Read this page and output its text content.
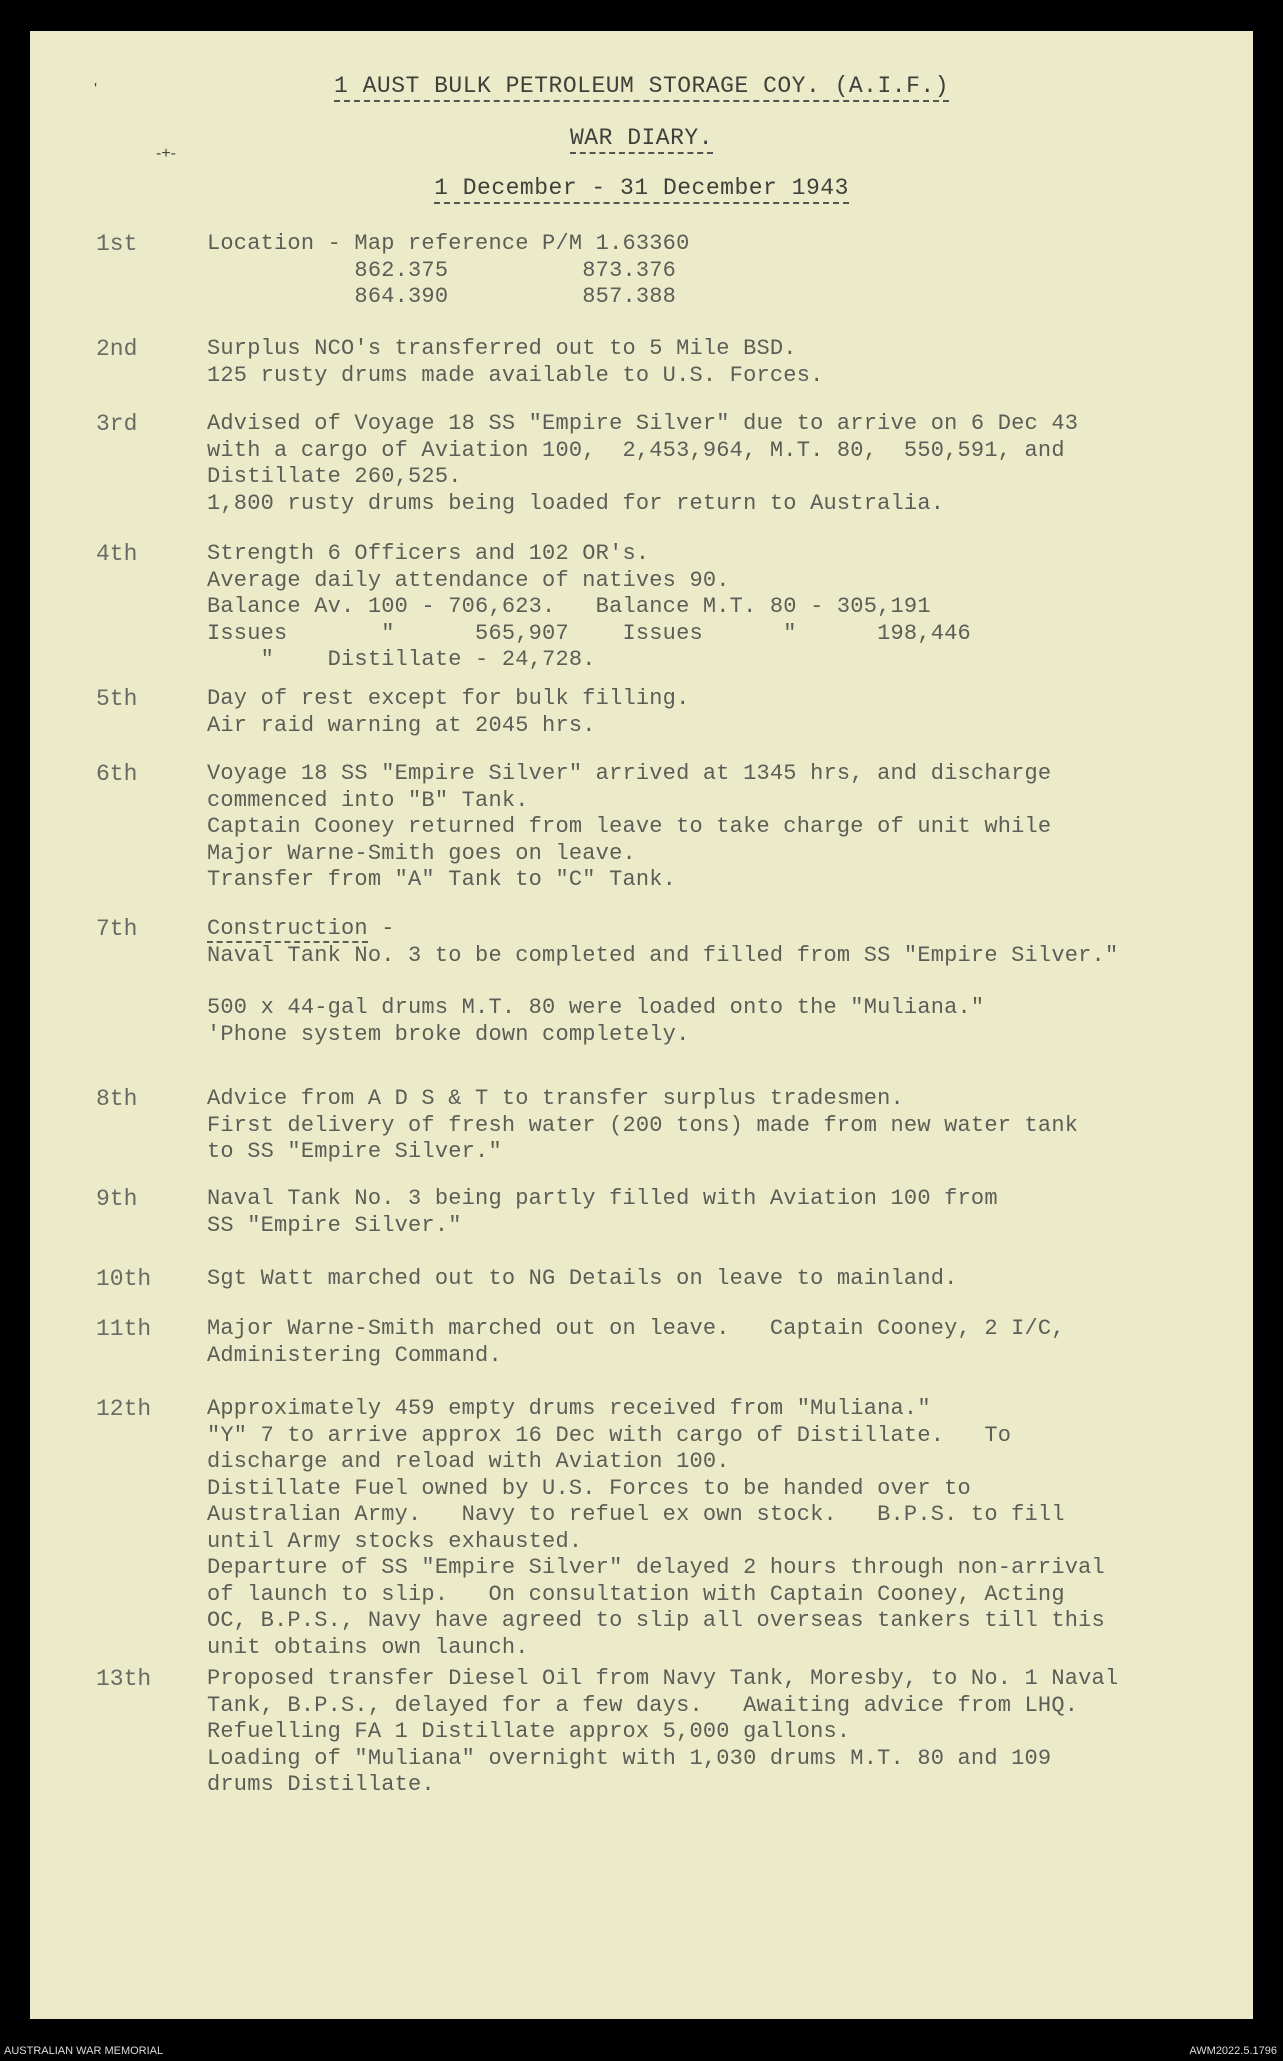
1 AUST BULK PETROLEUM STORAGE COY. (A.I.F.)
WAR DIARY.
1 December - 31 December 1943
'
-+-
1st	Location - Map reference P/M 1.63360
862.375          873.376
864.390          857.388
2nd	Surplus NCO's transferred out to 5 Mile BSD.
125 rusty drums made available to U.S. Forces.
3rd	Advised of Voyage 18 SS "Empire Silver" due to arrive on 6 Dec 43
with a cargo of Aviation 100,  2,453,964, M.T. 80,  550,591, and
Distillate 260,525.
1,800 rusty drums being loaded for return to Australia.
4th	Strength 6 Officers and 102 OR's.
Average daily attendance of natives 90.
Balance Av. 100 - 706,623.   Balance M.T. 80 - 305,191
Issues       "      565,907    Issues      "      198,446
"    Distillate - 24,728.
5th	Day of rest except for bulk filling.
Air raid warning at 2045 hrs.
6th	Voyage 18 SS "Empire Silver" arrived at 1345 hrs, and discharge
commenced into "B" Tank.
Captain Cooney returned from leave to take charge of unit while
Major Warne-Smith goes on leave.
Transfer from "A" Tank to "C" Tank.
7th	Construction -
Naval Tank No. 3 to be completed and filled from SS "Empire Silver."
500 x 44-gal drums M.T. 80 were loaded onto the "Muliana."
'Phone system broke down completely.
8th	Advice from A D S & T to transfer surplus tradesmen.
First delivery of fresh water (200 tons) made from new water tank
to SS "Empire Silver."
9th	Naval Tank No. 3 being partly filled with Aviation 100 from
SS "Empire Silver."
10th	Sgt Watt marched out to NG Details on leave to mainland.
11th	Major Warne-Smith marched out on leave.   Captain Cooney, 2 I/C,
Administering Command.
12th	Approximately 459 empty drums received from "Muliana."
"Y" 7 to arrive approx 16 Dec with cargo of Distillate.   To
discharge and reload with Aviation 100.
Distillate Fuel owned by U.S. Forces to be handed over to
Australian Army.   Navy to refuel ex own stock.   B.P.S. to fill
until Army stocks exhausted.
Departure of SS "Empire Silver" delayed 2 hours through non-arrival
of launch to slip.   On consultation with Captain Cooney, Acting
OC, B.P.S., Navy have agreed to slip all overseas tankers till this
unit obtains own launch.
13th	Proposed transfer Diesel Oil from Navy Tank, Moresby, to No. 1 Naval
Tank, B.P.S., delayed for a few days.   Awaiting advice from LHQ.
Refuelling FA 1 Distillate approx 5,000 gallons.
Loading of "Muliana" overnight with 1,030 drums M.T. 80 and 109
drums Distillate.
AUSTRALIAN WAR MEMORIAL	AWM2022.5.1796
